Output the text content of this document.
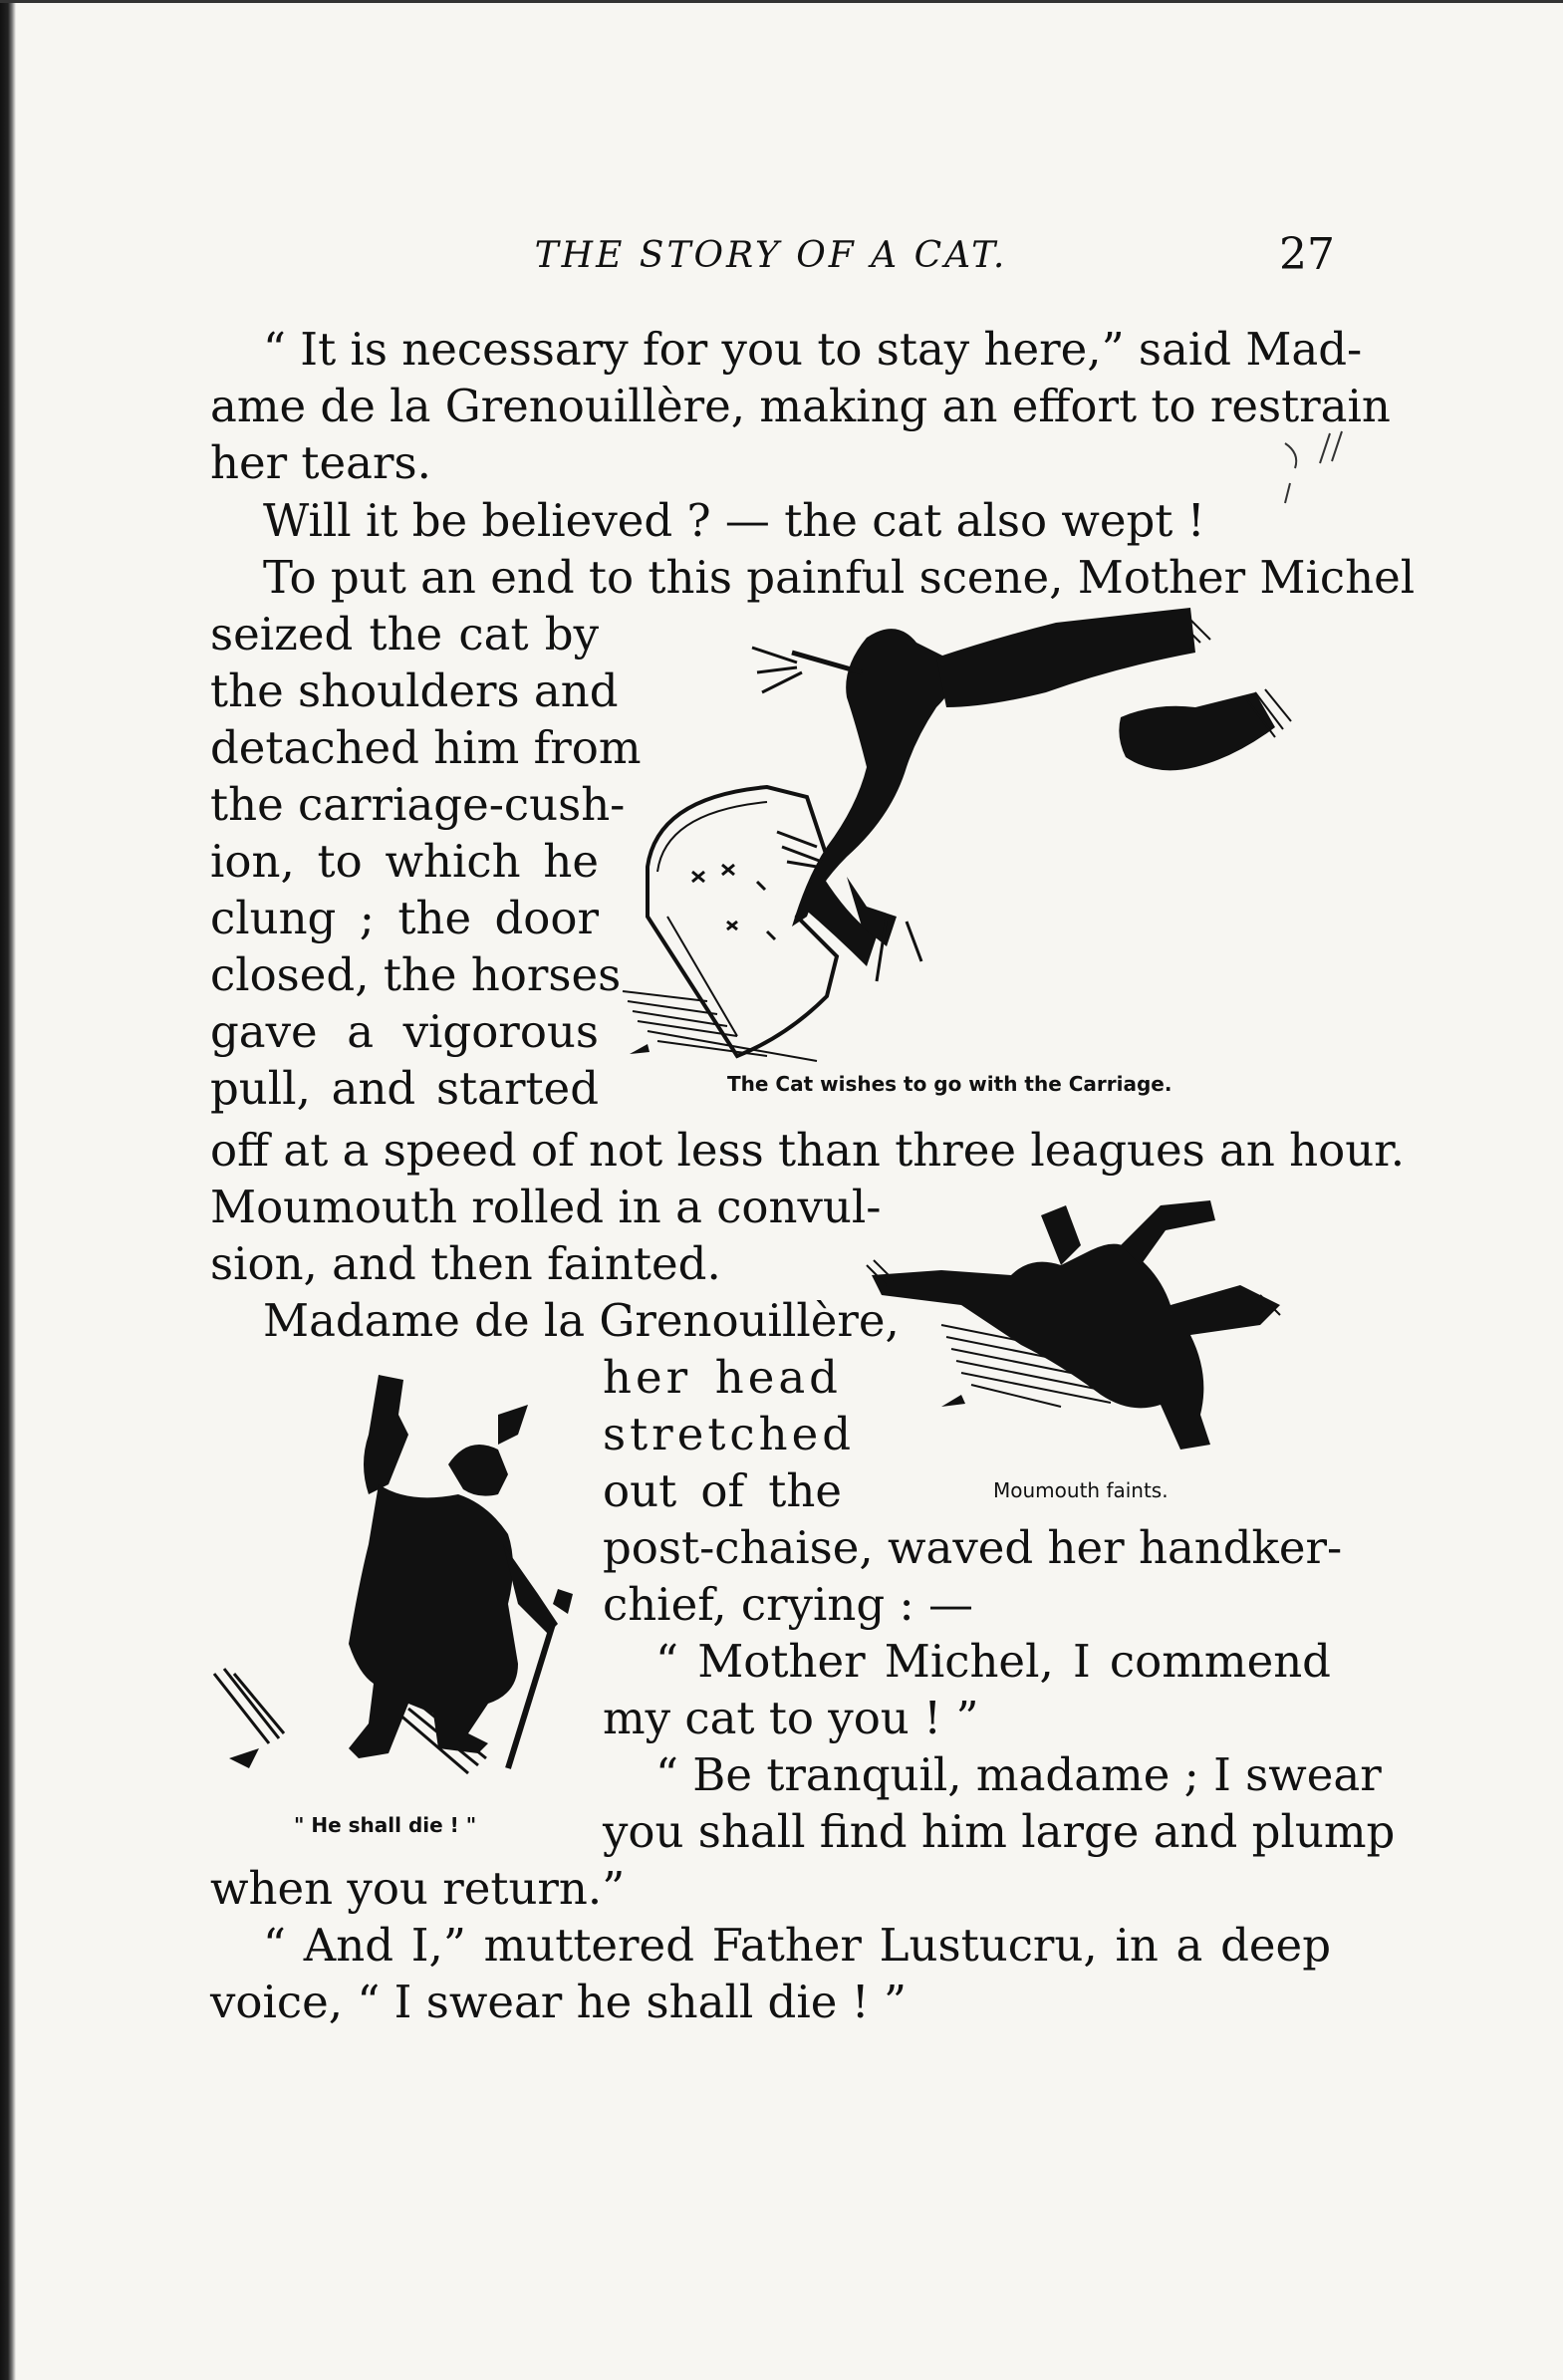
THE STORY OF A CAT.	27
“ It is necessary for you to stay here,” said Mad-
ame de la Grenouillère, making an effort to restrain
her tears.
Will it be believed ? — the cat also wept !
To put an end to this painful scene, Mother Michel
seized the cat by
the shoulders and
detached him from
the carriage-cush-
ion, to which he
clung ; the door
closed, the horses
gave a vigorous
pull, and started
off at a speed of not less than three leagues an hour.
Moumouth rolled in a convul-
sion, and then fainted.
Madame de la Grenouillère,
her head
stretched
out of the
post-chaise, waved her handker-
chief, crying : —
“ Mother Michel, I commend
my cat to you ! ”
“ Be tranquil, madame ; I swear
you shall find him large and plump
when you return.”
“ And I,” muttered Father Lustucru, in a deep
voice, “ I swear he shall die ! ”
The Cat wishes to go with the Carriage.
Moumouth faints.
" He shall die ! "
